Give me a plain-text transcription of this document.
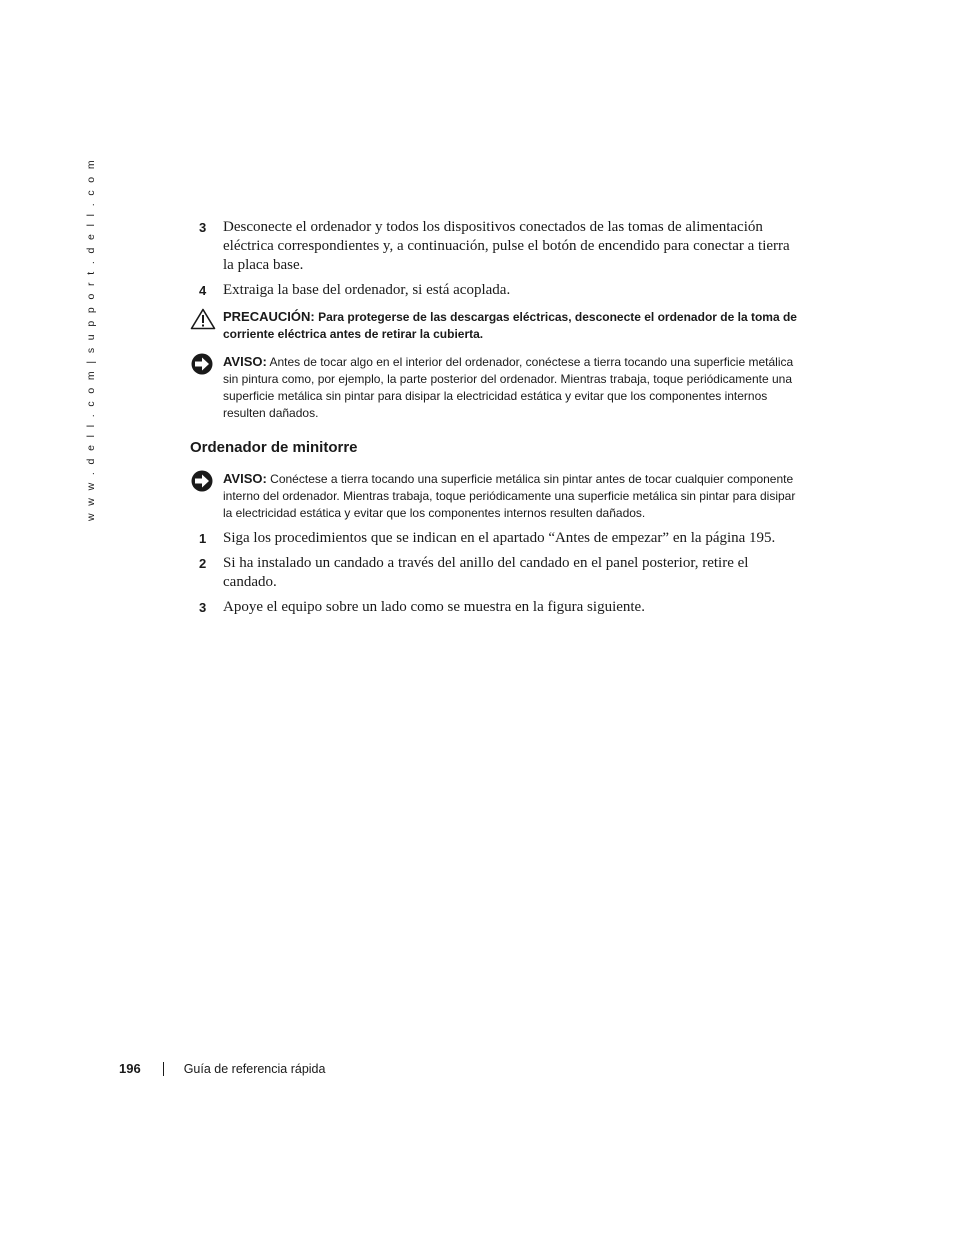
w w w . d e l l . c o m | s u p p o r t . d e l l . c o m	3 Desconecte el ordenador y todos los dispositivos conectados de las tomas de alimentación eléctrica correspondientes y, a continuación, pulse el botón de encendido para conectar a tierra la placa base.
4 Extraiga la base del ordenador, si está acoplada.
PRECAUCIÓN: Para protegerse de las descargas eléctricas, desconecte el ordenador de la toma de corriente eléctrica antes de retirar la cubierta.
AVISO: Antes de tocar algo en el interior del ordenador, conéctese a tierra tocando una superficie metálica sin pintura como, por ejemplo, la parte posterior del ordenador. Mientras trabaja, toque periódicamente una superficie metálica sin pintar para disipar la electricidad estática y evitar que los componentes internos resulten dañados.
Ordenador de minitorre
AVISO: Conéctese a tierra tocando una superficie metálica sin pintar antes de tocar cualquier componente interno del ordenador. Mientras trabaja, toque periódicamente una superficie metálica sin pintar para disipar la electricidad estática y evitar que los componentes internos resulten dañados.
1 Siga los procedimientos que se indican en el apartado “Antes de empezar” en la página 195.
2 Si ha instalado un candado a través del anillo del candado en el panel posterior, retire el candado.
3 Apoye el equipo sobre un lado como se muestra en la figura siguiente.
196	Guía de referencia rápida
